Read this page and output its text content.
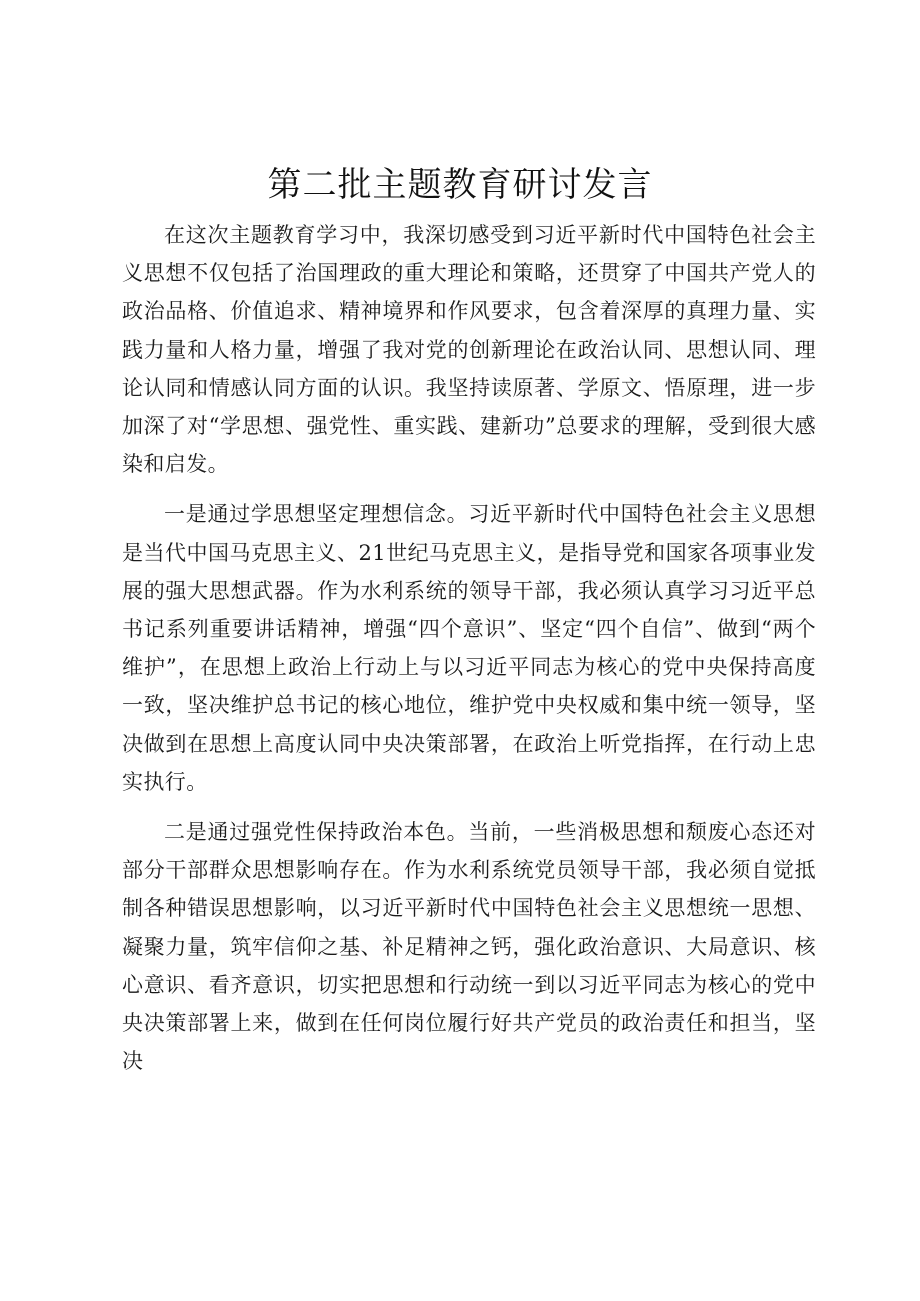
第二批主题教育研讨发言

在这次主题教育学习中，我深切感受到习近平新时代中国特色社会主义思想不仅包括了治国理政的重大理论和策略，还贯穿了中国共产党人的政治品格、价值追求、精神境界和作风要求，包含着深厚的真理力量、实践力量和人格力量，增强了我对党的创新理论在政治认同、思想认同、理论认同和情感认同方面的认识。我坚持读原著、学原文、悟原理，进一步加深了对“学思想、强党性、重实践、建新功”总要求的理解，受到很大感染和启发。

一是通过学思想坚定理想信念。习近平新时代中国特色社会主义思想是当代中国马克思主义、21世纪马克思主义，是指导党和国家各项事业发展的强大思想武器。作为水利系统的领导干部，我必须认真学习习近平总书记系列重要讲话精神，增强“四个意识”、坚定“四个自信”、做到“两个维护”，在思想上政治上行动上与以习近平同志为核心的党中央保持高度一致，坚决维护总书记的核心地位，维护党中央权威和集中统一领导，坚决做到在思想上高度认同中央决策部署，在政治上听党指挥，在行动上忠实执行。

二是通过强党性保持政治本色。当前，一些消极思想和颓废心态还对部分干部群众思想影响存在。作为水利系统党员领导干部，我必须自觉抵制各种错误思想影响，以习近平新时代中国特色社会主义思想统一思想、凝聚力量，筑牢信仰之基、补足精神之钙，强化政治意识、大局意识、核心意识、看齐意识，切实把思想和行动统一到以习近平同志为核心的党中央决策部署上来，做到在任何岗位履行好共产党员的政治责任和担当，坚决
